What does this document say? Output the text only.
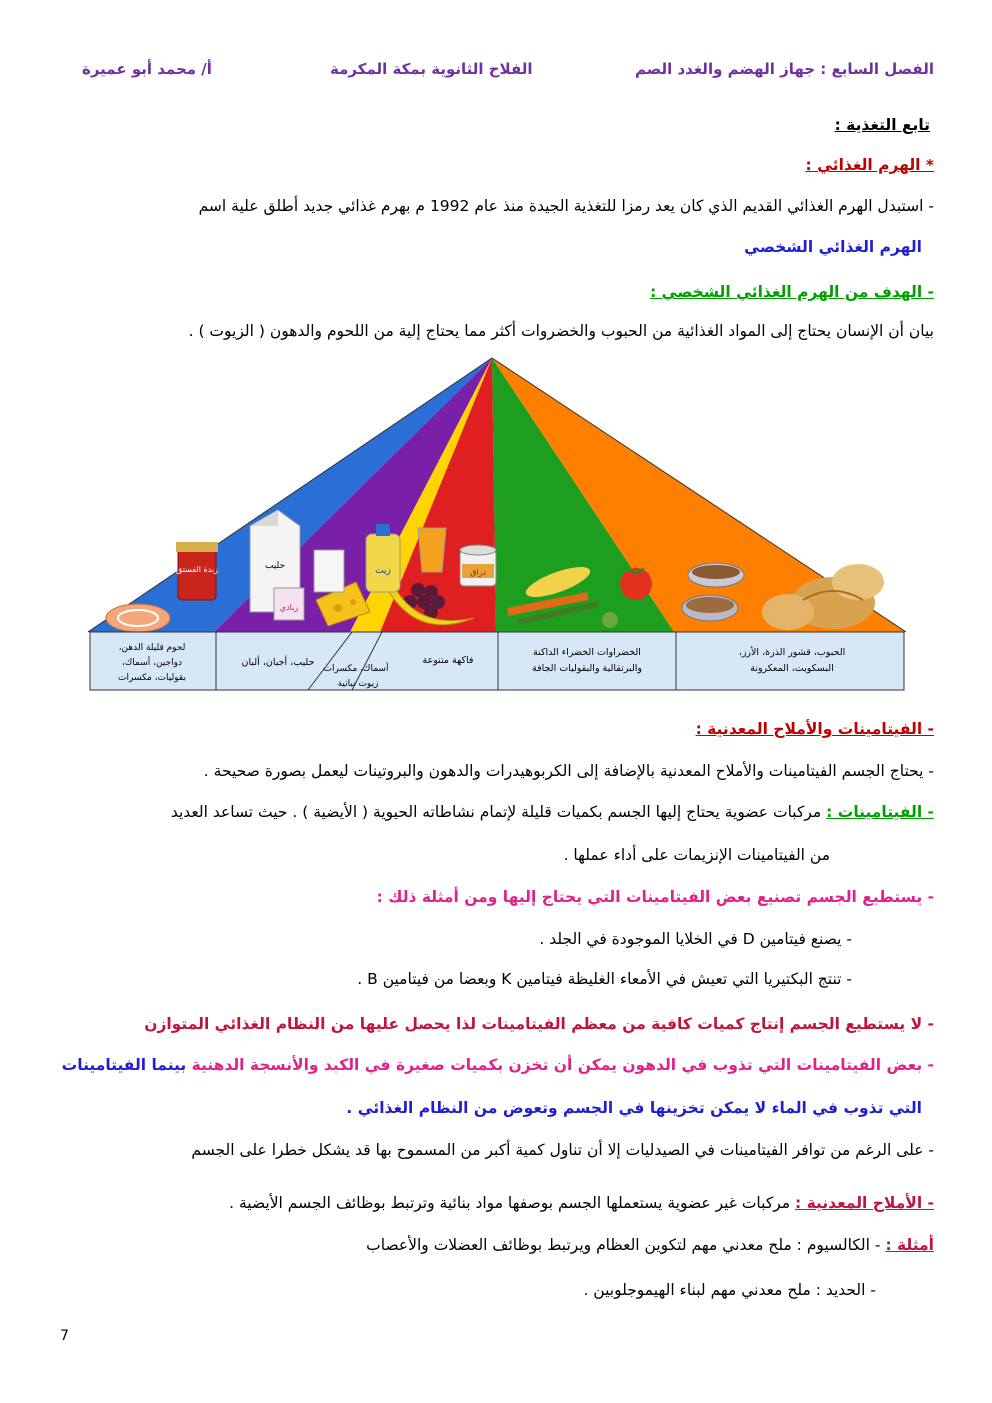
الفصل السابع : جهاز الهضم والغدد الصم
الفلاح الثانوية بمكة المكرمة
أ/ محمد أبو عميرة
تابع التغذية :
* الهرم الغذائي :
- استبدل الهرم الغذائي القديم الذي كان يعد رمزا للتغذية الجيدة منذ عام 1992 م بهرم غذائي جديد أطلق علية اسم
الهرم الغذائي الشخصي
- الهدف من الهرم الغذائي الشخصي :
بيان أن الإنسان يحتاج إلى المواد الغذائية من الحبوب والخضروات أكثر مما يحتاج إلية من اللحوم والدهون ( الزيوت ) .
دراق
زيت
حليب
زبادي
زبدة الفستق
الحبوب، قشور الذرة، الأرز،
البسكويت، المعكرونة
الخضراوات الخضراء الداكنة
والبرتقالية والبقوليات الجافة
فاكهة متنوعة
أسماك، مكسرات
زيوت نباتية
حليب، أجبان، ألبان
لحوم قليلة الدهن،
دواجين، أسماك،
بقوليات، مكسرات
- الفيتامينات والأملاح المعدنية :
- يحتاج الجسم الفيتامينات والأملاح المعدنية بالإضافة إلى الكربوهيدرات والدهون والبروتينات ليعمل بصورة صحيحة .
- الفيتامينات : مركبات عضوية يحتاج إليها الجسم بكميات قليلة لإتمام نشاطاته الحيوية ( الأيضية ) . حيث تساعد العديد
من الفيتامينات الإنزيمات على أداء عملها .
- يستطيع الجسم تصنيع بعض الفيتامينات التي يحتاج إليها ومن أمثلة ذلك :
- يصنع فيتامين D في الخلايا الموجودة في الجلد .
- تنتج البكتيريا التي تعيش في الأمعاء الغليظة فيتامين K وبعضا من فيتامين B .
- لا يستطيع الجسم إنتاج كميات كافية من معظم الفيتامينات لذا يحصل عليها من النظام الغذائي المتوازن
- بعض الفيتامينات التي تذوب في الدهون يمكن أن تخزن بكميات صغيرة في الكبد والأنسجة الدهنية بينما الفيتامينات
التي تذوب في الماء لا يمكن تخزينها في الجسم وتعوض من النظام الغذائي .
- على الرغم من توافر الفيتامينات في الصيدليات إلا أن تناول كمية أكبر من المسموح بها قد يشكل خطرا على الجسم
- الأملاح المعدنية : مركبات غير عضوية يستعملها الجسم بوصفها مواد بنائية وترتبط بوظائف الجسم الأيضية .
أمثلة : - الكالسيوم : ملح معدني مهم لتكوين العظام ويرتبط بوظائف العضلات والأعصاب
- الحديد : ملح معدني مهم لبناء الهيموجلوبين .
7
